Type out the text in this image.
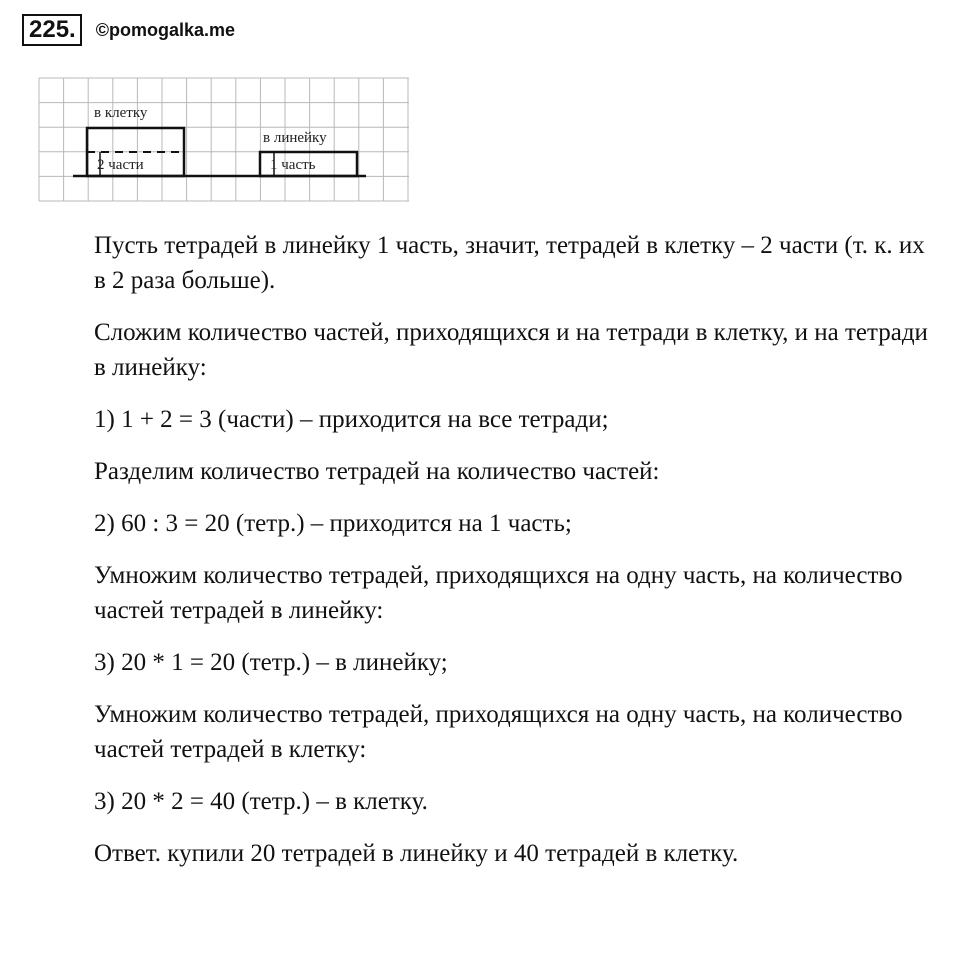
225.	©pomogalka.me
в клетку
2 части
в линейку
1 часть

Пусть тетрадей в линейку 1 часть, значит, тетрадей в клетку – 2 части (т. к. их в 2 раза больше).

Сложим количество частей, приходящихся и на тетради в клетку, и на тетради в линейку:

1) 1 + 2 = 3 (части) – приходится на все тетради;

Разделим количество тетрадей на количество частей:

2) 60 : 3 = 20 (тетр.) – приходится на 1 часть;

Умножим количество тетрадей, приходящихся на одну часть, на количество частей тетрадей в линейку:

3) 20 * 1 = 20 (тетр.) – в линейку;

Умножим количество тетрадей, приходящихся на одну часть, на количество частей тетрадей в клетку:

3) 20 * 2 = 40 (тетр.) – в клетку.

Ответ. купили 20 тетрадей в линейку и 40 тетрадей в клетку.
